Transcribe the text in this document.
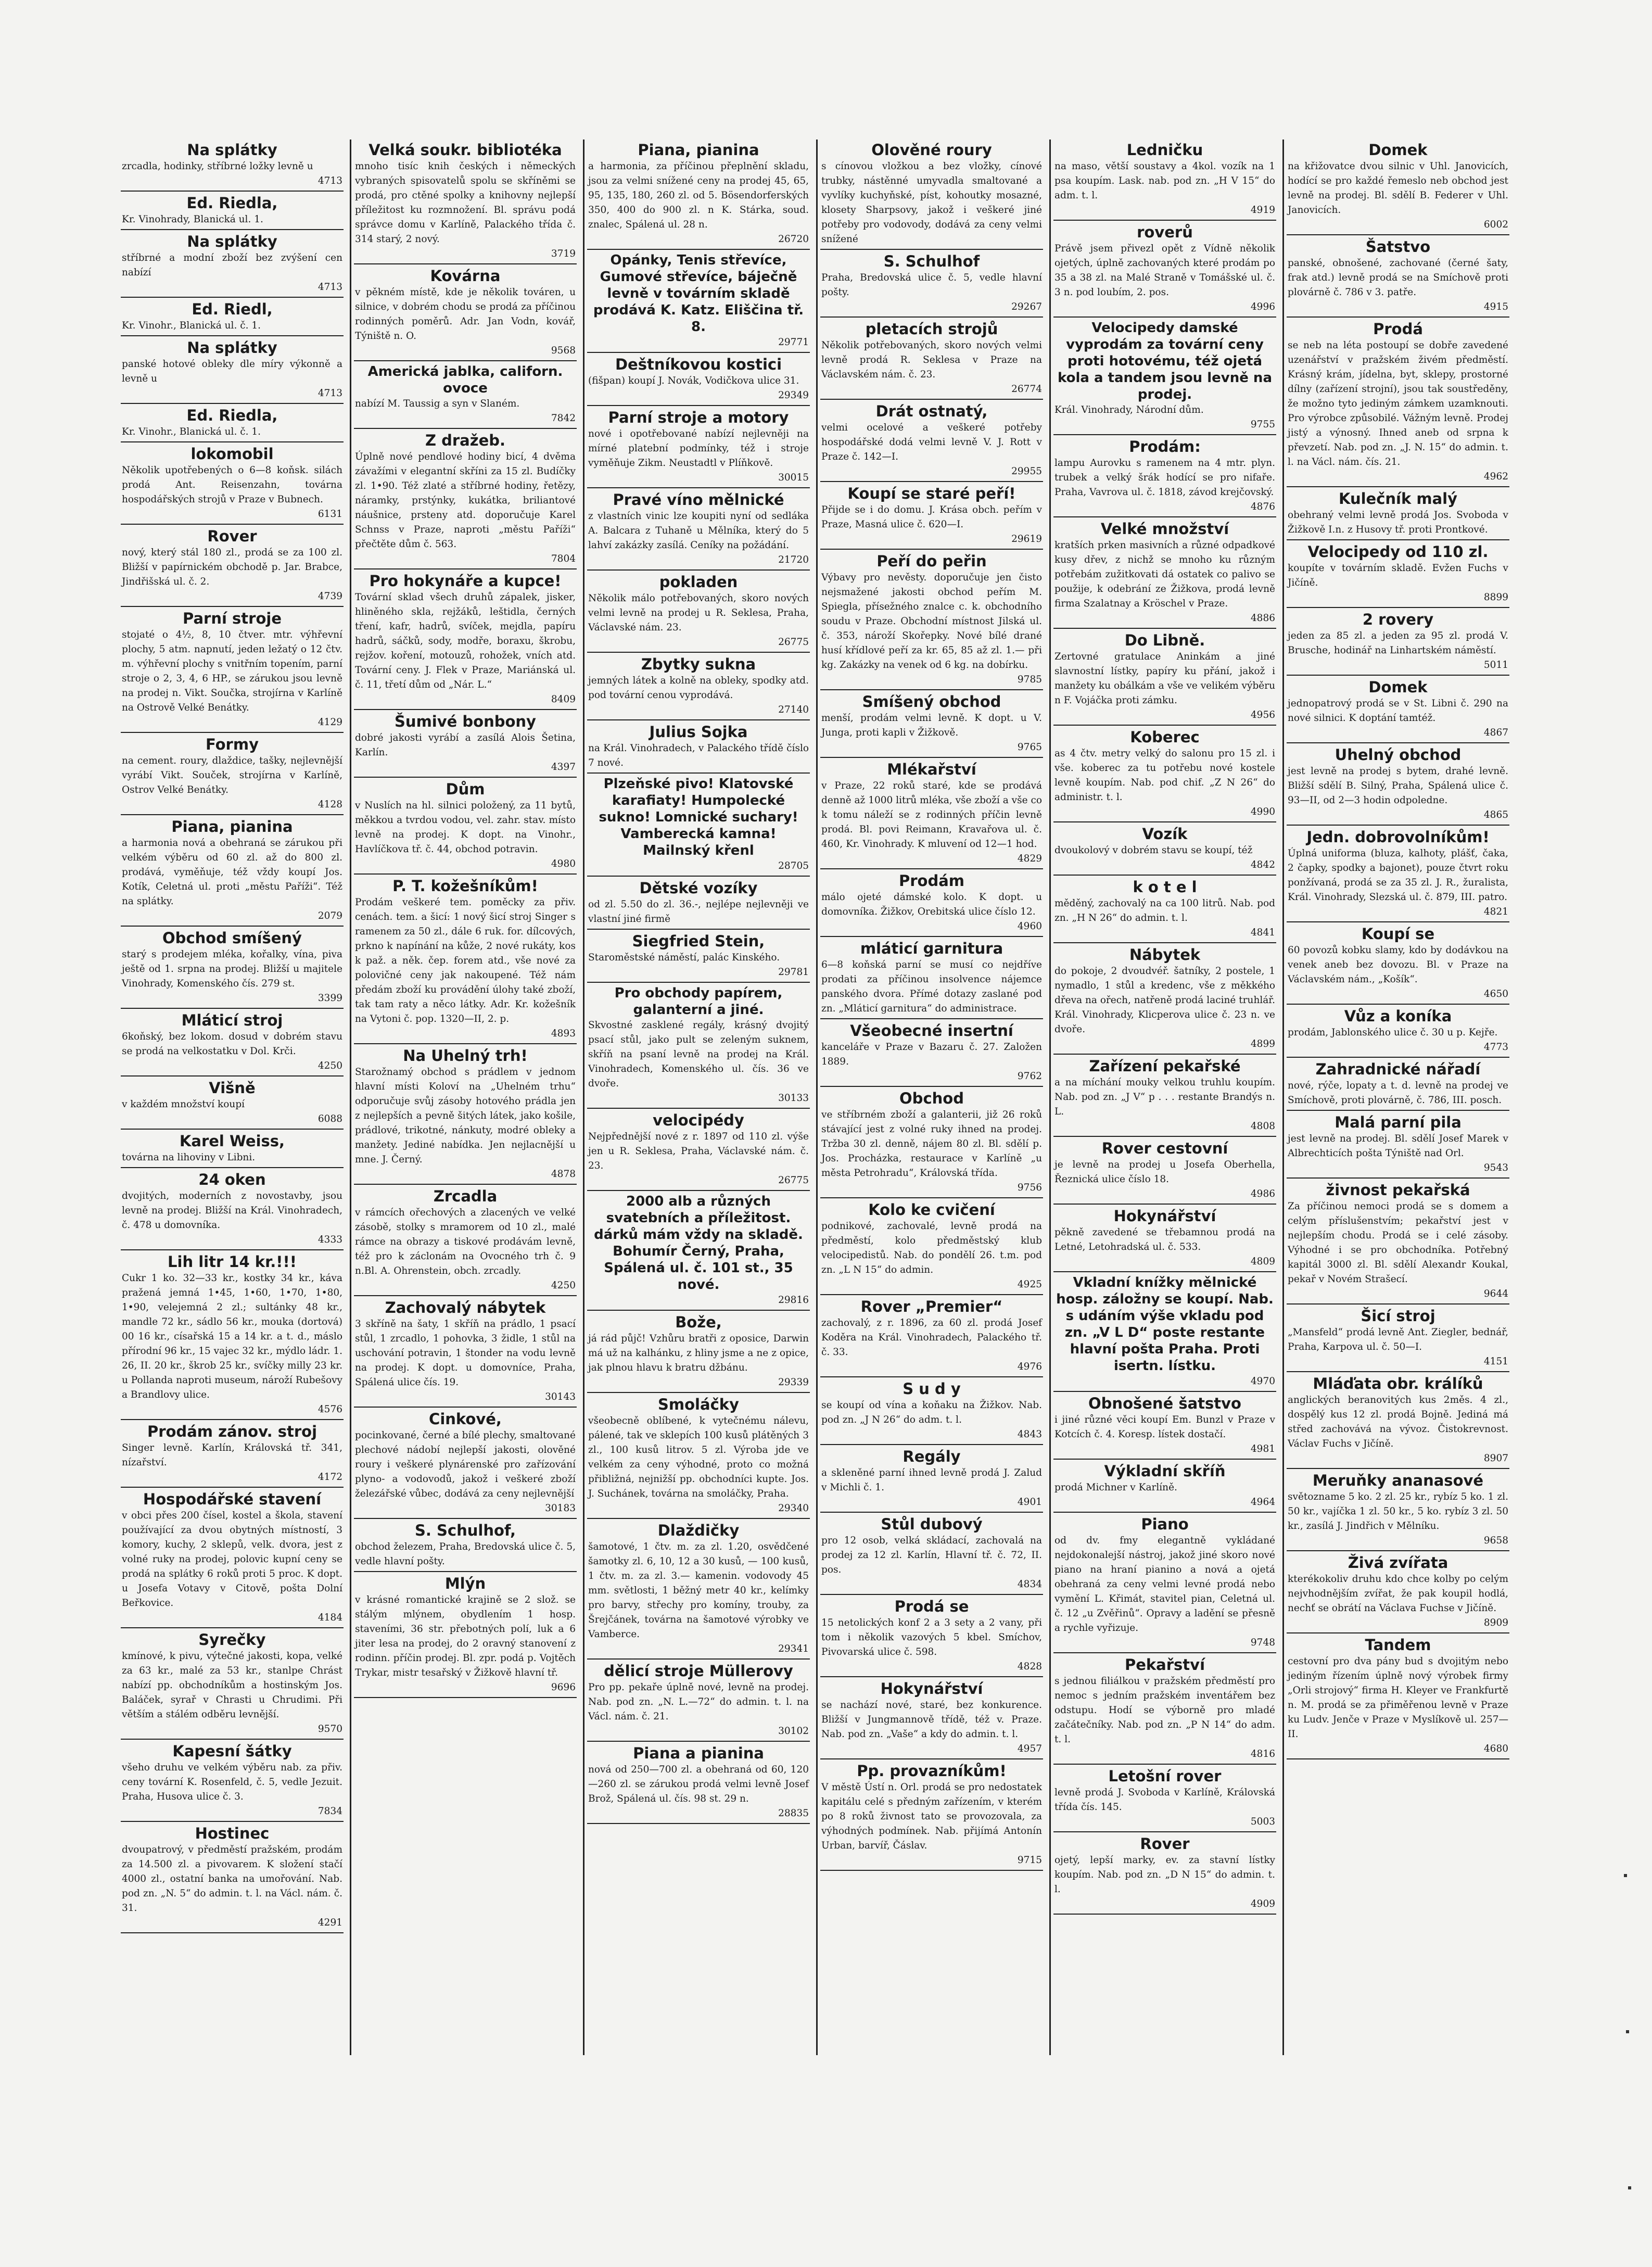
Na splátky

zrcadla, hodinky, stříbrné ložky levně u

4713
Ed. Riedla,

Kr. Vinohrady, Blanická ul. 1.

Na splátky

stříbrné a modní zboží bez zvýšení cen nabízí

4713
Ed. Riedl,

Kr. Vinohr., Blanická ul. č. 1.

Na splátky

panské hotové obleky dle míry výkonně a levně u

4713
Ed. Riedla,

Kr. Vinohr., Blanická ul. č. 1.

lokomobil

Několik upotřebených o 6—8 koňsk. silách prodá Ant. Reisenzahn, továrna hospodářských strojů v Praze v Bubnech.

6131
Rover

nový, který stál 180 zl., prodá se za 100 zl. Bližší v papírnickém obchodě p. Jar. Brabce, Jindřišská ul. č. 2.

4739
Parní stroje

stojaté o 4½, 8, 10 čtver. mtr. výhřevní plochy, 5 atm. napnutí, jeden ležatý o 12 čtv. m. výhřevní plochy s vnitřním topením, parní stroje o 2, 3, 4, 6 HP., se zárukou jsou levně na prodej n. Vikt. Součka, strojírna v Karlíně na Ostrově Velké Benátky.

4129
Formy

na cement. roury, dlaždice, tašky, nejlevnější vyrábí Vikt. Souček, strojírna v Karlíně, Ostrov Velké Benátky.

4128
Piana, pianina

a harmonia nová a obehraná se zárukou při velkém výběru od 60 zl. až do 800 zl. prodává, vyměňuje, též vždy koupí Jos. Kotík, Celetná ul. proti „městu Paříži“. Též na splátky.

2079
Obchod smíšený

starý s prodejem mléka, kořalky, vína, piva ještě od 1. srpna na prodej. Bližší u majitele Vinohrady, Komenského čís. 279 st.

3399
Mláticí stroj

6koňský, bez lokom. dosud v dobrém stavu se prodá na velkostatku v Dol. Krči.

4250
Višně

v každém množství koupí

6088
Karel Weiss,

továrna na lihoviny v Libni.

24 oken

dvojitých, moderních z novostavby, jsou levně na prodej. Bližší na Král. Vinohradech, č. 478 u domovníka.

4333
Lih litr 14 kr.!!!

Cukr 1 ko. 32—33 kr., kostky 34 kr., káva pražená jemná 1•45, 1•60, 1•70, 1•80, 1•90, velejemná 2 zl.; sultánky 48 kr., mandle 72 kr., sádlo 56 kr., mouka (dortová) 00 16 kr., císařská 15 a 14 kr. a t. d., máslo přírodní 96 kr., 15 vajec 32 kr., mýdlo ládr. 1. 26, II. 20 kr., škrob 25 kr., svíčky milly 23 kr. u Pollanda naproti museum, nároží Rubešovy a Brandlovy ulice.

4576
Prodám zánov. stroj

Singer levně. Karlín, Královská tř. 341, nízařství.

4172
Hospodářské stavení

v obci přes 200 čísel, kostel a škola, stavení používající za dvou obytných místností, 3 komory, kuchy, 2 sklepů, velk. dvora, jest z volné ruky na prodej, polovic kupní ceny se prodá na splátky 6 roků proti 5 proc. K dopt. u Josefa Votavy v Citově, pošta Dolní Beřkovice.

4184
Syrečky

kmínové, k pivu, výtečné jakosti, kopa, velké za 63 kr., malé za 53 kr., stanlpe Chrást nabízí pp. obchodníkům a hostinským Jos. Baláček, syrař v Chrasti u Chrudimi. Při větším a stálém odběru levnější.

9570
Kapesní šátky

všeho druhu ve velkém výběru nab. za přiv. ceny tovární K. Rosenfeld, č. 5, vedle Jezuit. Praha, Husova ulice č. 3.

7834
Hostinec

dvoupatrový, v předměstí pražském, prodám za 14.500 zl. a pivovarem. K složení stačí 4000 zl., ostatní banka na umořování. Nab. pod zn. „N. 5“ do admin. t. l. na Václ. nám. č. 31.

4291
Velká soukr. bibliotéka

mnoho tisíc knih českých i německých vybraných spisovatelů spolu se skříněmi se prodá, pro ctěné spolky a knihovny nejlepší příležitost ku rozmnožení. Bl. správu podá správce domu v Karlíně, Palackého třída č. 314 starý, 2 nový.

3719
Kovárna

v pěkném místě, kde je několik továren, u silnice, v dobrém chodu se prodá za příčinou rodinných poměrů. Adr. Jan Vodn, kovář, Týniště n. O.

9568
Americká jablka, californ. ovoce

nabízí M. Taussig a syn v Slaném.

7842
Z dražeb.

Úplně nové pendlové hodiny bicí, 4 dvěma závažími v elegantní skříni za 15 zl. Budíčky zl. 1•90. Též zlaté a stříbrné hodiny, řetězy, náramky, prstýnky, kukátka, briliantové náušnice, prsteny atd. doporučuje Karel Schnss v Praze, naproti „městu Paříži“ přečtěte dům č. 563.

7804
Pro hokynáře a kupce!

Tovární sklad všech druhů zápalek, jisker, hliněného skla, rejžáků, leštidla, černých tření, kafr, hadrů, svíček, mejdla, papíru hadrů, sáčků, sody, modře, boraxu, škrobu, rejžov. koření, motouzů, rohožek, vních atd. Tovární ceny. J. Flek v Praze, Mariánská ul. č. 11, třetí dům od „Nár. L.“

8409
Šumivé bonbony

dobré jakosti vyrábí a zasílá Alois Šetina, Karlín.

4397
Dům

v Nuslích na hl. silnici položený, za 11 bytů, měkkou a tvrdou vodou, vel. zahr. stav. místo levně na prodej. K dopt. na Vinohr., Havlíčkova tř. č. 44, obchod potravin.

4980
P. T. kožešníkům!

Prodám veškeré tem. poměcky za přiv. cenách. tem. a šicí: 1 nový šicí stroj Singer s ramenem za 50 zl., dále 6 ruk. for. dílcových, prkno k napínání na kůže, 2 nové rukáty, kos k paž. a něk. čep. forem atd., vše nové za polovičné ceny jak nakoupené. Též nám předám zboží ku provádění úlohy také zboží, tak tam raty a něco látky. Adr. Kr. kožešník na Vytoni č. pop. 1320—II, 2. p.

4893
Na Uhelný trh!

Starožnamý obchod s prádlem v jednom hlavní místi Koloví na „Uhelném trhu“ odporučuje svůj zásoby hotového prádla jen z nejlepších a pevně šitých látek, jako košile, prádlové, trikotné, nánkuty, modré obleky a manžety. Jediné nabídka. Jen nejlacnější u mne. J. Černý.

4878
Zrcadla

v rámcích ořechových a zlacených ve velké zásobě, stolky s mramorem od 10 zl., malé rámce na obrazy a tiskové prodávám levně, též pro k záclonám na Ovocného trh č. 9 n.Bl. A. Ohrenstein, obch. zrcadly.

4250
Zachovalý nábytek

3 skříně na šaty, 1 skříň na prádlo, 1 psací stůl, 1 zrcadlo, 1 pohovka, 3 židle, 1 stůl na uschování potravin, 1 štonder na vodu levně na prodej. K dopt. u domovníce, Praha, Spálená ulice čís. 19.

30143
Cinkové,

pocinkované, černé a bílé plechy, smaltované plechové nádobí nejlepší jakosti, olověné roury i veškeré plynárenské pro zařízování plyno- a vodovodů, jakož i veškeré zboží železářské vůbec, dodává za ceny nejlevnější

30183
S. Schulhof,

obchod železem, Praha, Bredovská ulice č. 5, vedle hlavní pošty.

Mlýn

v krásné romantické krajině se 2 slož. se stálým mlýnem, obydlením 1 hosp. staveními, 36 str. přebotných polí, luk a 6 jiter lesa na prodej, do 2 oravný stanovení z rodinn. příčin prodej. Bl. zpr. podá p. Vojtěch Trykar, mistr tesařský v Žižkově hlavní tř.

9696
Piana, pianina

a harmonia, za příčinou přeplnění skladu, jsou za velmi snížené ceny na prodej 45, 65, 95, 135, 180, 260 zl. od 5. Bösendorferských 350, 400 do 900 zl. n K. Stárka, soud. znalec, Spálená ul. 28 n.

26720
Opánky, Tenis střevíce, Gumové střevíce, báječně levně v továrním skladě prodává K. Katz. Eliščina tř. 8.
29771
Deštníkovou kostici

(fišpan) koupí J. Novák, Vodičkova ulice 31.

29349
Parní stroje a motory

nové i opotřebované nabízí nejlevněji na mírné platební podmínky, též i stroje vyměňuje Zikm. Neustadtl v Plíňkově.

30015
Pravé víno mělnické

z vlastních vinic lze koupiti nyní od sedláka A. Balcara z Tuhaně u Mělníka, který do 5 lahví zakázky zasílá. Ceníky na požádání.

21720
pokladen

Několik málo potřebovaných, skoro nových velmi levně na prodej u R. Seklesa, Praha, Václavské nám. 23.

26775
Zbytky sukna

jemných látek a kolně na obleky, spodky atd. pod tovární cenou vyprodává.

27140
Julius Sojka

na Král. Vinohradech, v Palackého třídě číslo 7 nové.

Plzeňské pivo! Klatovské karafiaty! Humpolecké sukno! Lomnické suchary! Vamberecká kamna! Mailnský křenl
28705
Dětské vozíky

od zl. 5.50 do zl. 36.-, nejlépe nejlevněji ve vlastní jiné firmě

Siegfried Stein,

Staroměstské náměstí, palác Kinského.

29781
Pro obchody papírem, galanterní a jiné.

Skvostné zasklené regály, krásný dvojitý psací stůl, jako pult se zeleným suknem, skříň na psaní levně na prodej na Král. Vinohradech, Komenského ul. čís. 36 ve dvoře.

30133
velocipédy

Nejpřednější nové z r. 1897 od 110 zl. výše jen u R. Seklesa, Praha, Václavské nám. č. 23.

26775
2000 alb a různých svatebních a příležitost. dárků mám vždy na skladě. Bohumír Černý, Praha, Spálená ul. č. 101 st., 35 nové.
29816
Bože,

já rád půjč! Vzhůru bratři z oposice, Darwin má už na kalhánku, z hliny jsme a ne z opice, jak plnou hlavu k bratru džbánu.

29339
Smoláčky

všeobecně oblíbené, k vytečnému nálevu, pálené, tak ve sklepích 100 kusů plátěných 3 zl., 100 kusů litrov. 5 zl. Výroba jde ve velkém za ceny výhodné, proto co možná přibližná, nejnižší pp. obchodníci kupte. Jos. J. Suchánek, továrna na smoláčky, Praha.

29340
Dlaždičky

šamotové, 1 čtv. m. za zl. 1.20, osvědčené šamotky zl. 6, 10, 12 a 30 kusů, — 100 kusů, 1 čtv. m. za zl. 3.— kamenin. vodovody 45 mm. světlosti, 1 běžný metr 40 kr., kelímky pro barvy, střechy pro komíny, trouby, za Šrejčánek, továrna na šamotové výrobky ve Vamberce.

29341
dělicí stroje Müllerovy

Pro pp. pekaře úplně nové, levně na prodej. Nab. pod zn. „N. L.—72“ do admin. t. l. na Václ. nám. č. 21.

30102
Piana a pianina

nová od 250—700 zl. a obehraná od 60, 120—260 zl. se zárukou prodá velmi levně Josef Brož, Spálená ul. čís. 98 st. 29 n.

28835
Olověné roury

s cínovou vložkou a bez vložky, cínové trubky, nástěnné umyvadla smaltované a vyvlíky kuchyňské, píst, kohoutky mosazné, klosety Sharpsovy, jakož i veškeré jiné potřeby pro vodovody, dodává za ceny velmi snížené

S. Schulhof

Praha, Bredovská ulice č. 5, vedle hlavní pošty.

29267
pletacích strojů

Několik potřebovaných, skoro nových velmi levně prodá R. Seklesa v Praze na Václavském nám. č. 23.

26774
Drát ostnatý,

velmi ocelové a veškeré potřeby hospodářské dodá velmi levně V. J. Rott v Praze č. 142—I.

29955
Koupí se staré peří!

Přijde se i do domu. J. Krása obch. peřím v Praze, Masná ulice č. 620—I.

29619
Peří do peřin

Výbavy pro nevěsty. doporučuje jen čisto nejsmažené jakosti obchod peřím M. Spiegla, přísežného znalce c. k. obchodního soudu v Praze. Obchodní místnost Jilská ul. č. 353, nároží Skořepky. Nové bílé drané husí křídlové peří za kr. 65, 85 až zl. 1.— při kg. Zakázky na venek od 6 kg. na dobírku.

9785
Smíšený obchod

menší, prodám velmi levně. K dopt. u V. Junga, proti kapli v Žižkově.

9765
Mlékařství

v Praze, 22 roků staré, kde se prodává denně až 1000 litrů mléka, vše zboží a vše co k tomu náleží se z rodinných příčin levně prodá. Bl. povi Reimann, Kravařova ul. č. 460, Kr. Vinohrady. K mluvení od 12—1 hod.

4829
Prodám

málo ojeté dámské kolo. K dopt. u domovníka. Žižkov, Orebitská ulice číslo 12.

4960
mláticí garnitura

6—8 koňská parní se musí co nejdříve prodati za příčinou insolvence nájemce panského dvora. Přímé dotazy zaslané pod zn. „Mláticí garnitura“ do administrace.

Všeobecné insertní

kanceláře v Praze v Bazaru č. 27. Založen 1889.

9762
Obchod

ve stříbrném zboží a galanterii, již 26 roků stávající jest z volné ruky ihned na prodej. Tržba 30 zl. denně, nájem 80 zl. Bl. sdělí p. Jos. Procházka, restaurace v Karlíně „u města Petrohradu“, Královská třída.

9756
Kolo ke cvičení

podnikové, zachovalé, levně prodá na předměstí, kolo předměstský klub velocipedistů. Nab. do pondělí 26. t.m. pod zn. „L N 15“ do admin.

4925
Rover „Premier“

zachovalý, z r. 1896, za 60 zl. prodá Josef Koděra na Král. Vinohradech, Palackého tř. č. 33.

4976
S u d y

se koupí od vína a koňaku na Žižkov. Nab. pod zn. „J N 26“ do adm. t. l.

4843
Regály

a skleněné parní ihned levně prodá J. Zalud v Michli č. 1.

4901
Stůl dubový

pro 12 osob, velká skládací, zachovalá na prodej za 12 zl. Karlín, Hlavní tř. č. 72, II. pos.

4834
Prodá se

15 netolických konf 2 a 3 sety a 2 vany, při tom i několik vazových 5 kbel. Smíchov, Pivovarská ulice č. 598.

4828
Hokynářství

se nachází nové, staré, bez konkurence. Bližší v Jungmannově třídě, též v. Praze. Nab. pod zn. „Vaše“ a kdy do admin. t. l.

4957
Pp. provazníkům!

V městě Ústí n. Orl. prodá se pro nedostatek kapitálu celé s předným zařízením, v kterém po 8 roků živnost tato se provozovala, za výhodných podmínek. Nab. přijímá Antonín Urban, barvíř, Čáslav.

9715
Ledničku

na maso, větší soustavy a 4kol. vozík na 1 psa koupím. Lask. nab. pod zn. „H V 15“ do adm. t. l.

4919
roverů

Právě jsem přivezl opět z Vídně několik ojetých, úplně zachovaných které prodám po 35 a 38 zl. na Malé Straně v Tomášské ul. č. 3 n. pod loubím, 2. pos.

4996
Velocipedy damské vyprodám za tovární ceny proti hotovému, též ojetá kola a tandem jsou levně na prodej.

Král. Vinohrady, Národní dům.

9755
Prodám:

lampu Aurovku s ramenem na 4 mtr. plyn. trubek a velký šrák hodící se pro nifaře. Praha, Vavrova ul. č. 1818, závod krejčovský.

4876
Velké množství

kratších prken masivních a různé odpadkové kusy dřev, z nichž se mnoho ku různým potřebám zužitkovati dá ostatek co palivo se použije, k odebrání ze Žižkova, prodá levně firma Szalatnay a Kröschel v Praze.

4886
Do Libně.

Zertovné gratulace Aninkám a jiné slavnostní lístky, papíry ku přání, jakož i manžety ku obálkám a vše ve velikém výběru n F. Vojáčka proti zámku.

4956
Koberec

as 4 čtv. metry velký do salonu pro 15 zl. i vše. koberec za tu potřebu nové kostele levně koupím. Nab. pod chif. „Z N 26“ do administr. t. l.

4990
Vozík

dvoukolový v dobrém stavu se koupí, též

4842
k o t e l

měděný, zachovalý na ca 100 litrů. Nab. pod zn. „H N 26“ do admin. t. l.

4841
Nábytek

do pokoje, 2 dvoudvéř. šatníky, 2 postele, 1 nymadlo, 1 stůl a kredenc, vše z měkkého dřeva na ořech, natřeně prodá laciné truhlář. Král. Vinohrady, Klicperova ulice č. 23 n. ve dvoře.

4899
Zařízení pekařské

a na míchání mouky velkou truhlu koupím. Nab. pod zn. „J V“ p . . . restante Brandýs n. L.

4808
Rover cestovní

je levně na prodej u Josefa Oberhella, Řeznická ulice číslo 18.

4986
Hokynářství

pěkně zavedené se třebamnou prodá na Letné, Letohradská ul. č. 533.

4809
Vkladní knížky mělnické hosp. záložny se koupí. Nab. s udáním výše vkladu pod zn. „V L D“ poste restante hlavní pošta Praha. Proti isertn. lístku.
4970
Obnošené šatstvo

i jiné různé věci koupí Em. Bunzl v Praze v Kotcích č. 4. Koresp. lístek dostačí.

4981
Výkladní skříň

prodá Michner v Karlíně.

4964
Piano

od dv. fmy elegantně vykládané nejdokonalejší nástroj, jakož jiné skoro nové piano na hraní pianino a nová a ojetá obehraná za ceny velmi levné prodá nebo vymění L. Křimát, stavitel pian, Celetná ul. č. 12 „u Zvěřinů“. Opravy a ladění se přesně a rychle vyřizuje.

9748
Pekařství

s jednou filiálkou v pražském předměstí pro nemoc s jedním pražském inventářem bez odstupu. Hodí se výborně pro mladé začátečníky. Nab. pod zn. „P N 14“ do adm. t. l.

4816
Letošní rover

levně prodá J. Svoboda v Karlíně, Královská třída čís. 145.

5003
Rover

ojetý, lepší marky, ev. za stavní lístky koupím. Nab. pod zn. „D N 15“ do admin. t. l.

4909
Domek

na křižovatce dvou silnic v Uhl. Janovicích, hodící se pro každé řemeslo neb obchod jest levně na prodej. Bl. sdělí B. Federer v Uhl. Janovicích.

6002
Šatstvo

panské, obnošené, zachované (černé šaty, frak atd.) levně prodá se na Smíchově proti plovárně č. 786 v 3. patře.

4915
Prodá

se neb na léta postoupí se dobře zavedené uzenářství v pražském živém předměstí. Krásný krám, jídelna, byt, sklepy, prostorné dílny (zařízení strojní), jsou tak soustředěny, že možno tyto jediným zámkem uzamknouti. Pro výrobce způsobilé. Vážným levně. Prodej jistý a výnosný. Ihned aneb od srpna k převzetí. Nab. pod zn. „J. N. 15“ do admin. t. l. na Václ. nám. čís. 21.

4962
Kulečník malý

obehraný velmi levně prodá Jos. Svoboda v Žižkově I.n. z Husovy tř. proti Prontkové.

Velocipedy od 110 zl.

koupíte v továrním skladě. Evžen Fuchs v Jičíně.

8899
2 rovery

jeden za 85 zl. a jeden za 95 zl. prodá V. Brusche, hodinář na Linhartském náměstí.

5011
Domek

jednopatrový prodá se v St. Libni č. 290 na nové silnici. K doptání tamtéž.

4867
Uhelný obchod

jest levně na prodej s bytem, drahé levně. Bližší sdělí B. Silný, Praha, Spálená ulice č. 93—II, od 2—3 hodin odpoledne.

4865
Jedn. dobrovolníkům!

Úplná uniforma (bluza, kalhoty, plášť, čaka, 2 čapky, spodky a bajonet), pouze čtvrt roku ponžívaná, prodá se za 35 zl. J. R., žuralista, Král. Vinohrady, Slezská ul. č. 879, III. patro.

4821
Koupí se

60 povozů kobku slamy, kdo by dodávkou na venek aneb bez dovozu. Bl. v Praze na Václavském nám., „Košík“.

4650
Vůz a koníka

prodám, Jablonského ulice č. 30 u p. Kejře.

4773
Zahradnické nářadí

nové, rýče, lopaty a t. d. levně na prodej ve Smíchově, proti plovárně, č. 786, III. posch.

Malá parní pila

jest levně na prodej. Bl. sdělí Josef Marek v Albrechticích pošta Týniště nad Orl.

9543
živnost pekařská

Za příčinou nemoci prodá se s domem a celým příslušenstvím; pekařství jest v nejlepším chodu. Prodá se i celé zásoby. Výhodné i se pro obchodníka. Potřebný kapitál 3000 zl. Bl. sdělí Alexandr Koukal, pekař v Novém Strašecí.

9644
Šicí stroj

„Mansfeld“ prodá levně Ant. Ziegler, bednář, Praha, Karpova ul. č. 50—I.

4151
Mláďata obr. králíků

anglických beranovitých kus 2měs. 4 zl., dospělý kus 12 zl. prodá Bojně. Jediná má střed zachovává na vývoz. Čistokrevnost. Václav Fuchs v Jičíně.

8907
Meruňky ananasové

světozname 5 ko. 2 zl. 25 kr., rybíz 5 ko. 1 zl. 50 kr., vajíčka 1 zl. 50 kr., 5 ko. rybíz 3 zl. 50 kr., zasílá J. Jindřich v Mělníku.

9658
Živá zvířata

kterékokoliv druhu kdo chce kolby po celým nejvhodnějším zvířat, že pak koupil hodlá, nechť se obrátí na Václava Fuchse v Jičíně.

8909
Tandem

cestovní pro dva pány bud s dvojitým nebo jediným řízením úplně nový výrobek firmy „Orli strojový“ firma H. Kleyer ve Frankfurtě n. M. prodá se za přiměřenou levně v Praze ku Ludv. Jenče v Praze v Myslíkově ul. 257—II.

4680
